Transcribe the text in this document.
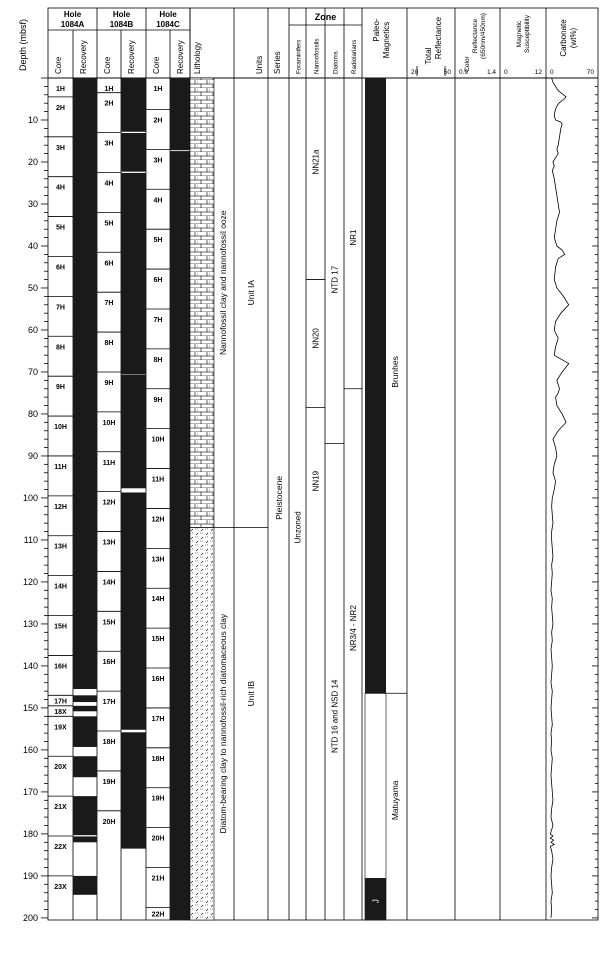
Depth (mbsf)
Hole
1084A
Core Recovery
Hole
1084B
Core Recovery
Hole
1084C
Core Recovery Lithology	Units Series
Zone
Foraminifers Nannofossils Diatoms Radiolarians
Paleo- Magnetics	Total Reflectance
Color
Reflectance (650nm/450nm)	Magnetic Susceptibility	Carbonate (wt%)
20	50 0.9	1.4 0	12 0	70
10
20
30
40
50
60
70
80
90
100
110
120
130
140
150
160
170
180
190
200
1H
2H
3H
4H
5H
6H
7H
8H
9H
10H
11H
12H
13H
14H
15H
16H
17H
18X
19X
20X
21X
22X
23X
1H
2H
3H
4H
5H
6H
7H
8H
9H
10H
11H
12H
13H
14H
15H
16H
17H
18H
19H
20H
1H
2H
3H
4H
5H
6H
7H
8H
9H
10H
11H
12H
13H
14H
15H
16H
17H
18H
19H
20H
21H
22H
Nannofossil clay and nannofossil ooze
Diatom-bearing clay to nannofossil-rich diatomaceous clay
Unit IA
Unit IB
Pleistocene
Unzoned
NN21a
NN20
NN19
NTD 17
NTD 16 and NSD 14
NR1
NR3/4 - NR2
Brunhes
Matuyama
J
